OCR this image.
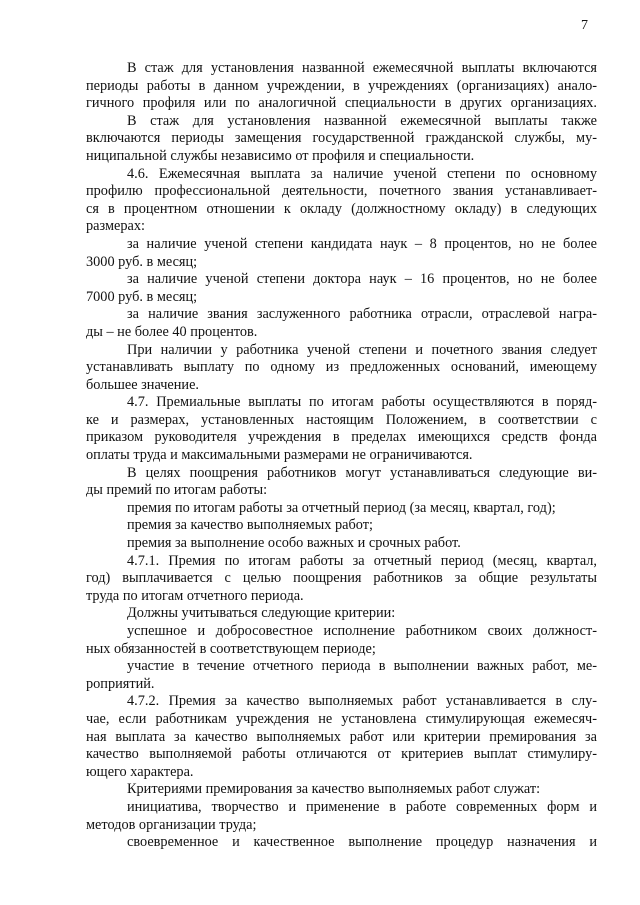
7
В стаж для установления названной ежемесячной выплаты включаются
периоды работы в данном учреждении, в учреждениях (организациях) анало-
гичного профиля или по аналогичной специальности в других организациях.
В стаж для установления названной ежемесячной выплаты также
включаются периоды замещения государственной гражданской службы, му-
ниципальной службы независимо от профиля и специальности.
4.6. Ежемесячная выплата за наличие ученой степени по основному
профилю профессиональной деятельности, почетного звания устанавливает-
ся в процентном отношении к окладу (должностному окладу) в следующих
размерах:
за наличие ученой степени кандидата наук – 8 процентов, но не более
3000 руб. в месяц;
за наличие ученой степени доктора наук – 16 процентов, но не более
7000 руб. в месяц;
за наличие звания заслуженного работника отрасли, отраслевой награ-
ды – не более 40 процентов.
При наличии у работника ученой степени и почетного звания следует
устанавливать выплату по одному из предложенных оснований, имеющему
большее значение.
4.7. Премиальные выплаты по итогам работы осуществляются в поряд-
ке и размерах, установленных настоящим Положением, в соответствии с
приказом руководителя учреждения в пределах имеющихся средств фонда
оплаты труда и максимальными размерами не ограничиваются.
В целях поощрения работников могут устанавливаться следующие ви-
ды премий по итогам работы:
премия по итогам работы за отчетный период (за месяц, квартал, год);
премия за качество выполняемых работ;
премия за выполнение особо важных и срочных работ.
4.7.1. Премия по итогам работы за отчетный период (месяц, квартал,
год) выплачивается с целью поощрения работников за общие результаты
труда по итогам отчетного периода.
Должны учитываться следующие критерии:
успешное и добросовестное исполнение работником своих должност-
ных обязанностей в соответствующем периоде;
участие в течение отчетного периода в выполнении важных работ, ме-
роприятий.
4.7.2. Премия за качество выполняемых работ устанавливается в слу-
чае, если работникам учреждения не установлена стимулирующая ежемесяч-
ная выплата за качество выполняемых работ или критерии премирования за
качество выполняемой работы отличаются от критериев выплат стимулиру-
ющего характера.
Критериями премирования за качество выполняемых работ служат:
инициатива, творчество и применение в работе современных форм и
методов организации труда;
своевременное и качественное выполнение процедур назначения и
